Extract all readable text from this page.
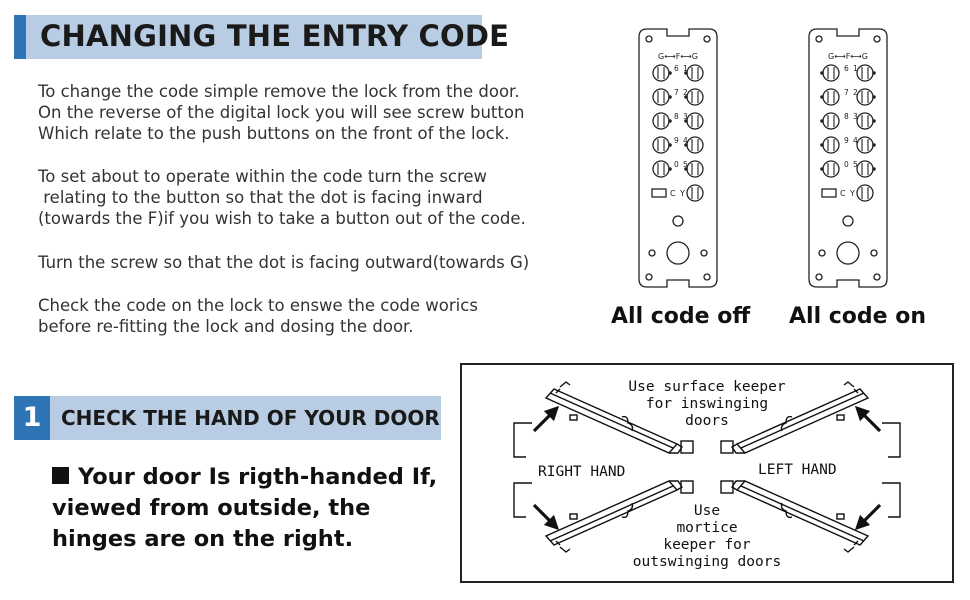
CHANGING THE ENTRY CODE
To change the code simple remove the lock from the door.
On the reverse of the digital lock you will see screw button
Which relate to the push buttons on the front of the lock.
To set about to operate within the code turn the screw
relating to the button so that the dot is facing inward
(towards the F)if you wish to take a button out of the code.
Turn the screw so that the dot is facing outward(towards G)
Check the code on the lock to enswe the code worics
before re-fitting the lock and dosing the door.
G⟷F⟷G
6 1
7 2
8 3
9 4
0 5
C Y
G⟷F⟷G
6 1
7 2
8 3
9 4
0 5
C Y
All code off All code on
1 CHECK THE HAND OF YOUR DOOR
Your door Is rigth-handed If, viewed from outside, the hinges are on the right.
Use surface keeper
for inswinging
doors
RIGHT HAND	LEFT HAND
Use
mortice
keeper for
outswinging doors
